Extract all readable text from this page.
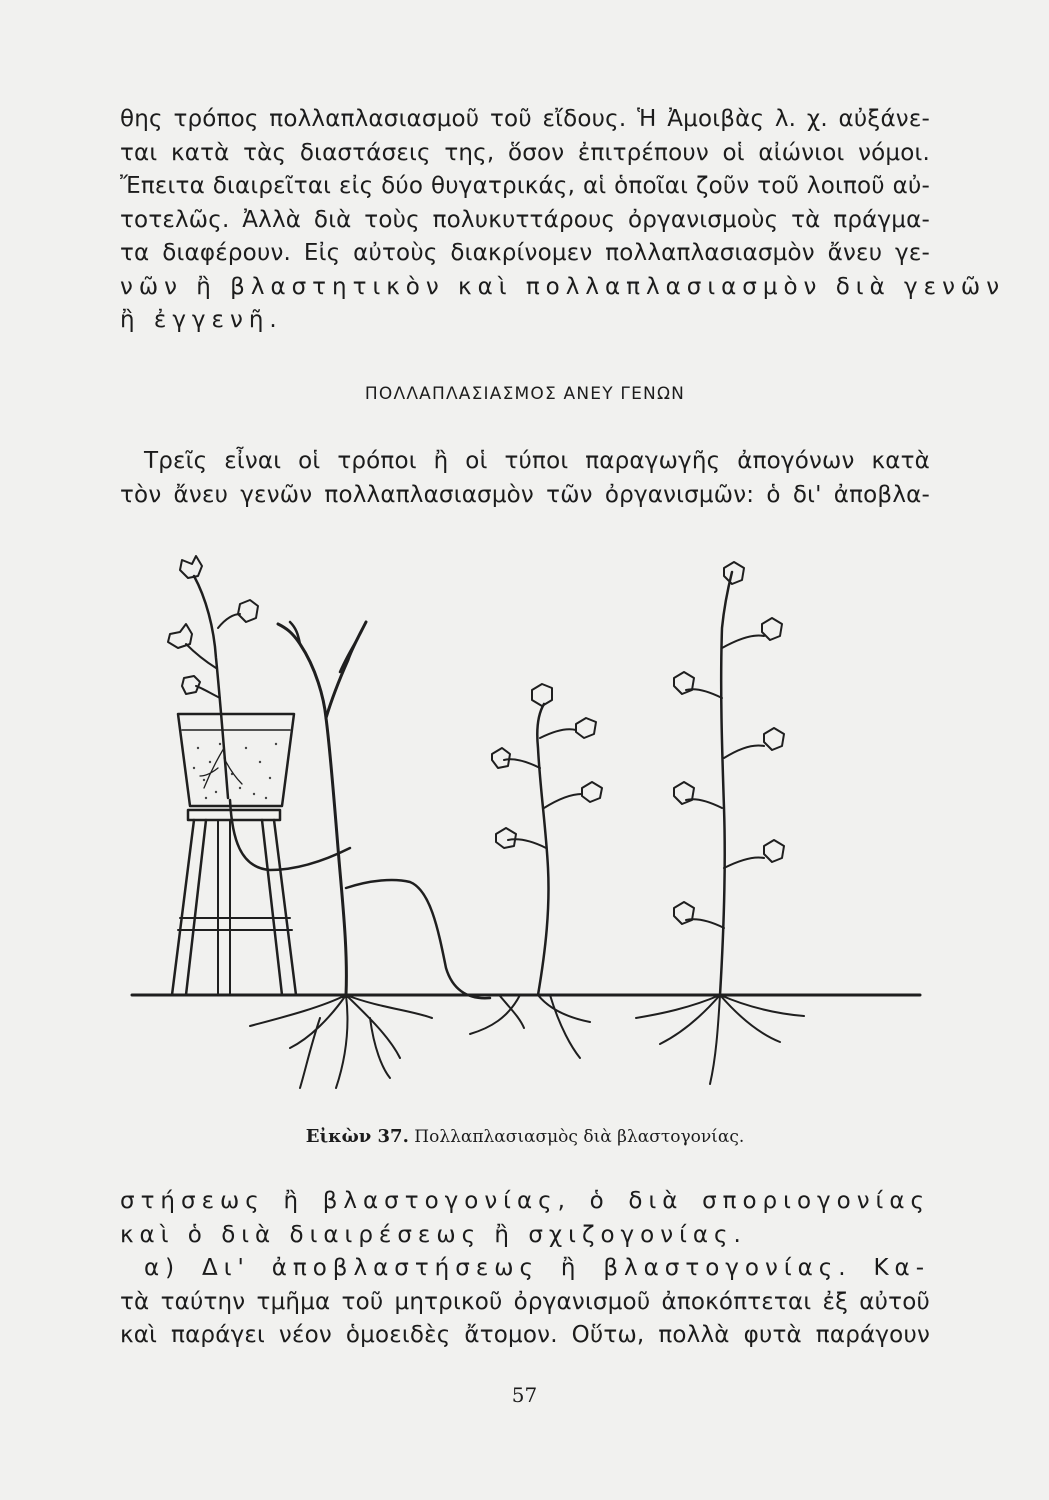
θης τρόπος πολλαπλασιασμοῦ τοῦ εἴδους. Ἡ Ἀμοιβὰς λ. χ. αὐξάνε-
ται κατὰ τὰς διαστάσεις της, ὅσον ἐπιτρέπουν οἱ αἰώνιοι νόμοι.
Ἔπειτα διαιρεῖται εἰς δύο θυγατρικάς, αἱ ὁποῖαι ζοῦν τοῦ λοιποῦ αὐ-
τοτελῶς. Ἀλλὰ διὰ τοὺς πολυκυττάρους ὀργανισμοὺς τὰ πράγμα-
τα διαφέρουν. Εἰς αὐτοὺς διακρίνομεν πολλαπλασιασμὸν ἄνευ γε-
νῶν ἢ βλαστητικὸν καὶ πολλαπλασιασμὸν διὰ γενῶν
ἢ ἐγγενῆ.
ΠΟΛΛΑΠΛΑΣΙΑΣΜΟΣ ΑΝΕΥ ΓΕΝΩΝ
Τρεῖς εἶναι οἱ τρόποι ἢ οἱ τύποι παραγωγῆς ἀπογόνων κατὰ
τὸν ἄνευ γενῶν πολλαπλασιασμὸν τῶν ὀργανισμῶν: ὁ δι' ἀποβλα-
Εἰκὼν 37. Πολλαπλασιασμὸς διὰ βλαστογονίας.
στήσεως ἢ βλαστογονίας, ὁ διὰ σποριογονίας
καὶ ὁ διὰ διαιρέσεως ἢ σχιζογονίας.
α) Δι' ἀποβλαστήσεως ἢ βλαστογονίας. Κα-
τὰ ταύτην τμῆμα τοῦ μητρικοῦ ὀργανισμοῦ ἀποκόπτεται ἐξ αὐτοῦ
καὶ παράγει νέον ὁμοειδὲς ἄτομον. Οὕτω, πολλὰ φυτὰ παράγουν
57
